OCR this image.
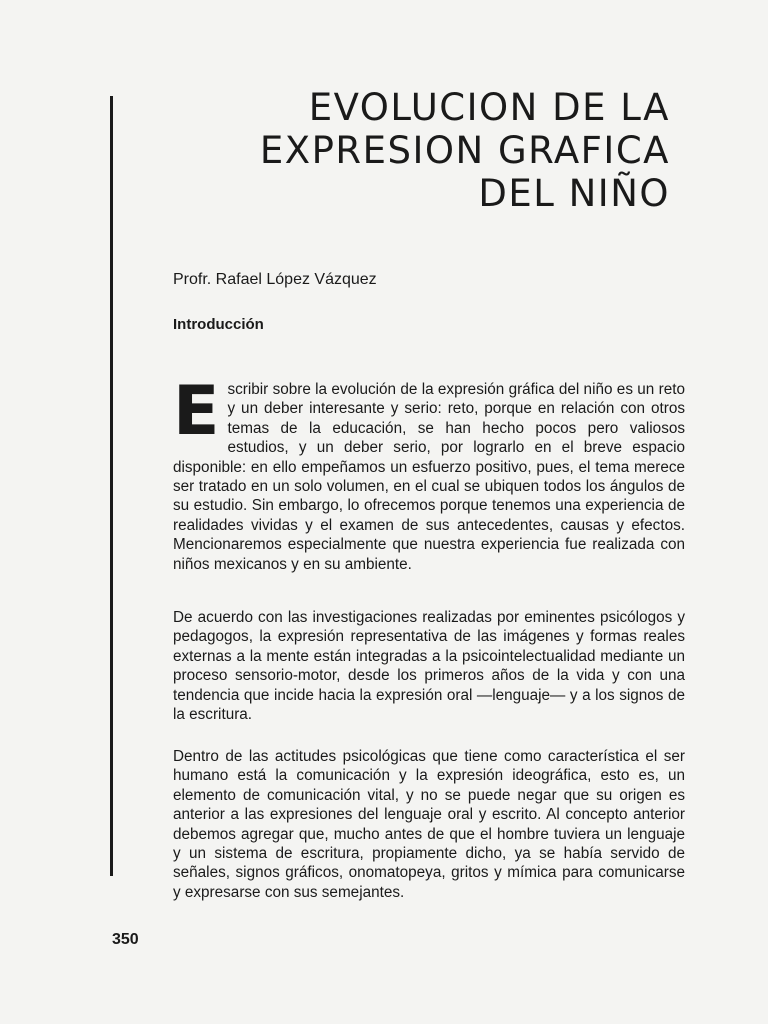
EVOLUCION DE LA
EXPRESION GRAFICA
DEL NIÑO
Profr. Rafael López Vázquez
Introducción
E scribir sobre la evolución de la expresión gráfica del niño es un reto y un deber interesante y serio: reto, porque en relación con otros temas de la educación, se han hecho pocos pero valiosos estudios, y un deber serio, por lograrlo en el breve espacio disponible: en ello empeñamos un esfuerzo positivo, pues, el tema merece ser tratado en un solo volumen, en el cual se ubiquen todos los ángulos de su estudio. Sin embargo, lo ofrecemos porque tenemos una experiencia de realidades vividas y el examen de sus antecedentes, causas y efectos. Mencionaremos especialmente que nuestra experiencia fue realizada con niños mexicanos y en su ambiente.
De acuerdo con las investigaciones realizadas por eminentes psicólogos y pedagogos, la expresión representativa de las imágenes y formas reales externas a la mente están integradas a la psicointelectualidad mediante un proceso sensorio-motor, desde los primeros años de la vida y con una tendencia que incide hacia la expresión oral —lenguaje— y a los signos de la escritura.
Dentro de las actitudes psicológicas que tiene como característica el ser humano está la comunicación y la expresión ideográfica, esto es, un elemento de comunicación vital, y no se puede negar que su origen es anterior a las expresiones del lenguaje oral y escrito. Al concepto anterior debemos agregar que, mucho antes de que el hombre tuviera un lenguaje y un sistema de escritura, propiamente dicho, ya se había servido de señales, signos gráficos, onomatopeya, gritos y mímica para comunicarse y expresarse con sus semejantes.
350
